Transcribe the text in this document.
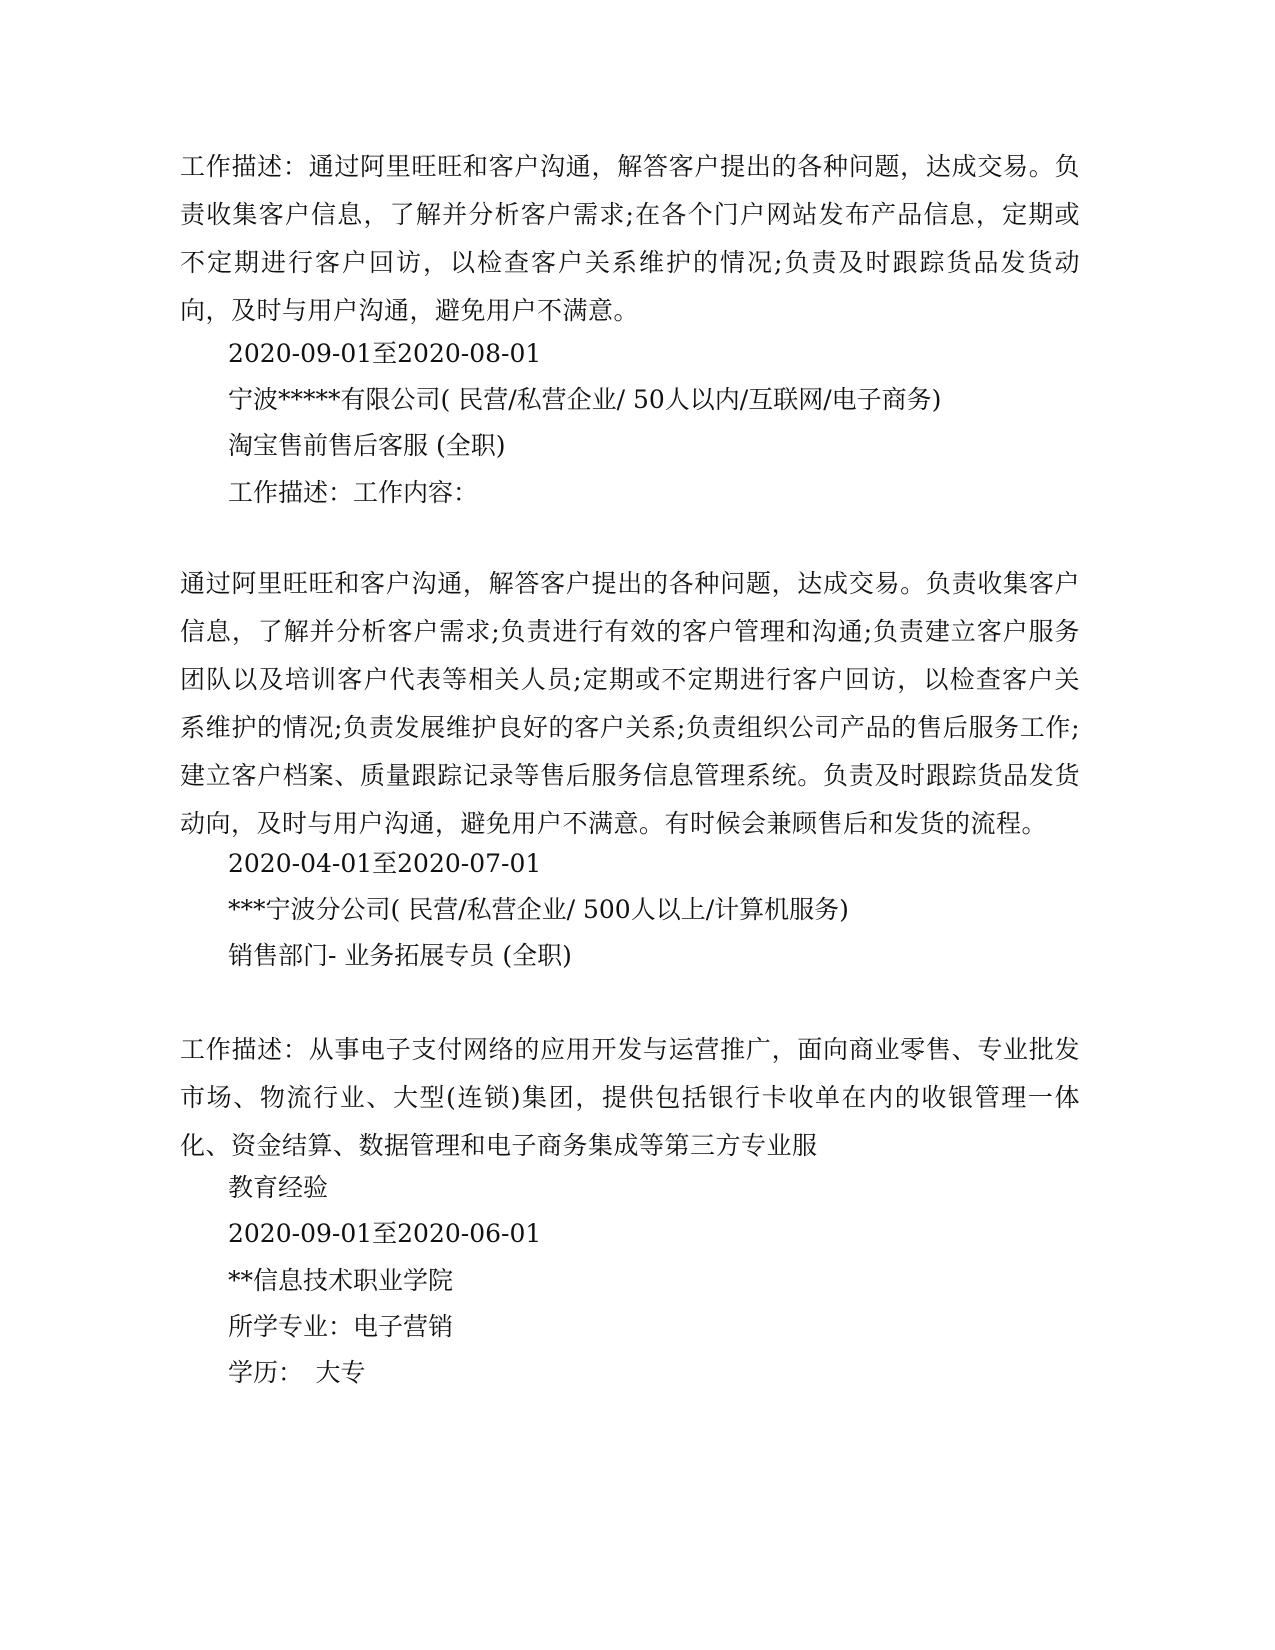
工作描述：通过阿里旺旺和客户沟通，解答客户提出的各种问题，达成交易。负责收集客户信息，了解并分析客户需求;在各个门户网站发布产品信息，定期或不定期进行客户回访，以检查客户关系维护的情况;负责及时跟踪货品发货动向，及时与用户沟通，避免用户不满意。

2020-09-01至2020-08-01

宁波*****有限公司( 民营/私营企业/ 50人以内/互联网/电子商务)

淘宝售前售后客服 (全职)

工作描述：工作内容：

通过阿里旺旺和客户沟通，解答客户提出的各种问题，达成交易。负责收集客户信息，了解并分析客户需求;负责进行有效的客户管理和沟通;负责建立客户服务团队以及培训客户代表等相关人员;定期或不定期进行客户回访，以检查客户关系维护的情况;负责发展维护良好的客户关系;负责组织公司产品的售后服务工作;建立客户档案、质量跟踪记录等售后服务信息管理系统。负责及时跟踪货品发货动向，及时与用户沟通，避免用户不满意。有时候会兼顾售后和发货的流程。

2020-04-01至2020-07-01

***宁波分公司( 民营/私营企业/ 500人以上/计算机服务)

销售部门- 业务拓展专员 (全职)

工作描述：从事电子支付网络的应用开发与运营推广，面向商业零售、专业批发市场、物流行业、大型(连锁)集团，提供包括银行卡收单在内的收银管理一体化、资金结算、数据管理和电子商务集成等第三方专业服

教育经验

2020-09-01至2020-06-01

**信息技术职业学院

所学专业：电子营销

学历：　大专
